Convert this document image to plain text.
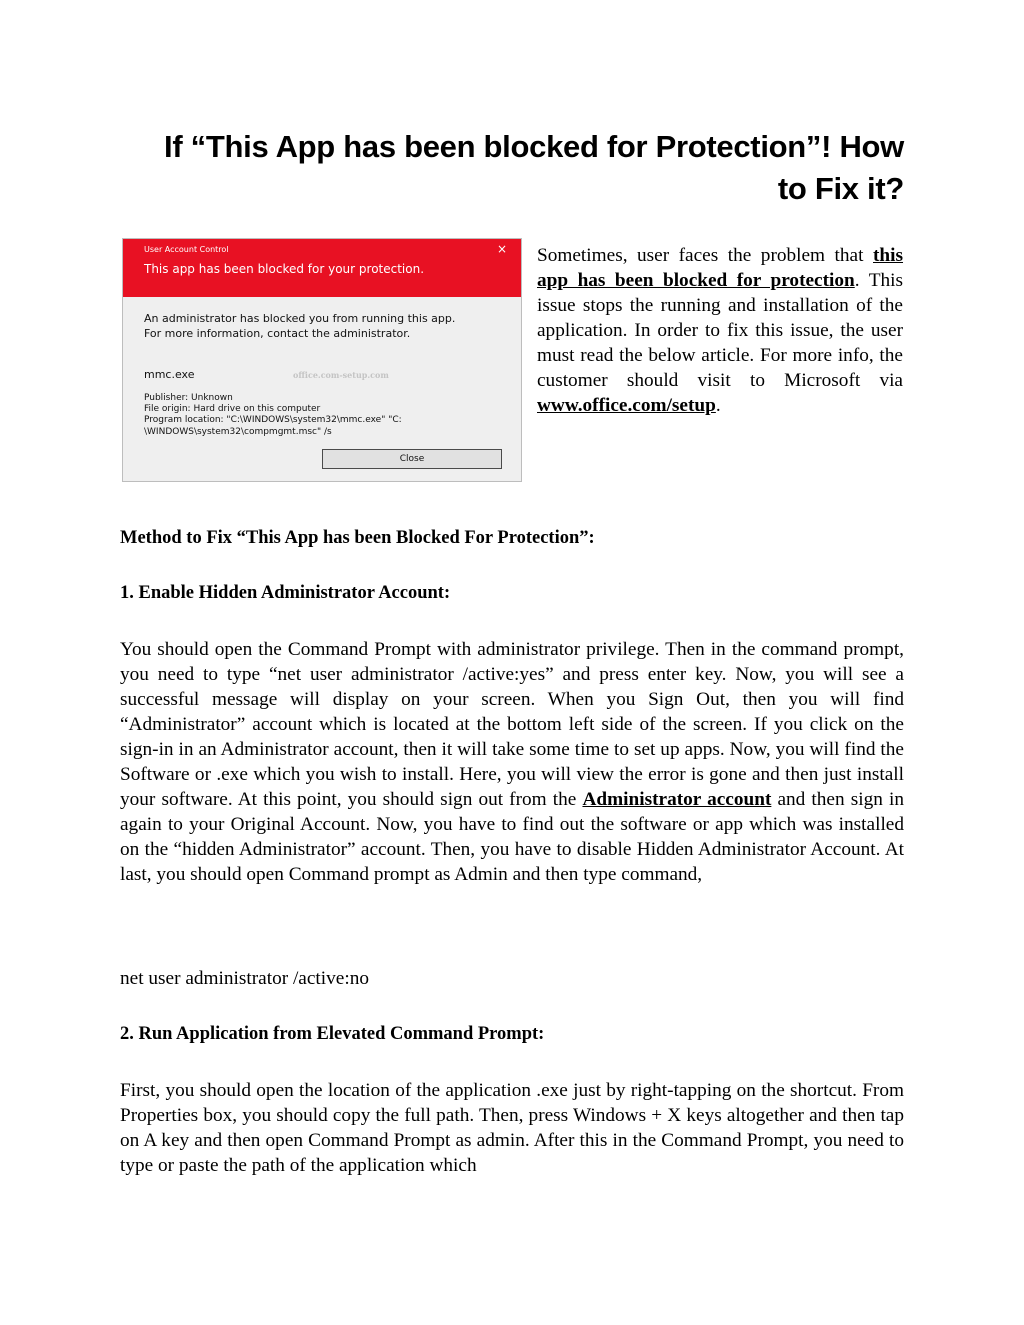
If “This App has been blocked for Protection”! How
to Fix it?
User Account Control	×
This app has been blocked for your protection.
An administrator has blocked you from running this app. For more information, contact the administrator.
mmc.exe	office.com-setup.com
Publisher: Unknown
File origin: Hard drive on this computer
Program location: "C:\WINDOWS\system32\mmc.exe" "C: \WINDOWS\system32\compmgmt.msc" /s
Close

Sometimes, user faces the problem that this app has been blocked for protection. This issue stops the running and installation of the application. In order to fix this issue, the user must read the below article. For more info, the customer should visit to Microsoft via www.office.com/setup.

Method to Fix “This App has been Blocked For Protection”:
1. Enable Hidden Administrator Account:

You should open the Command Prompt with administrator privilege. Then in the command prompt, you need to type “net user administrator /active:yes” and press enter key. Now, you will see a successful message will display on your screen. When you Sign Out, then you will find “Administrator” account which is located at the bottom left side of the screen. If you click on the sign-in in an Administrator account, then it will take some time to set up apps. Now, you will find the Software or .exe which you wish to install. Here, you will view the error is gone and then just install your software. At this point, you should sign out from the Administrator account and then sign in again to your Original Account. Now, you have to find out the software or app which was installed on the “hidden Administrator” account. Then, you have to disable Hidden Administrator Account. At last, you should open Command prompt as Admin and then type command,

net user administrator /active:no

2. Run Application from Elevated Command Prompt:

First, you should open the location of the application .exe just by right-tapping on the shortcut. From Properties box, you should copy the full path. Then, press Windows + X keys altogether and then tap on A key and then open Command Prompt as admin. After this in the Command Prompt, you need to type or paste the path of the application which
